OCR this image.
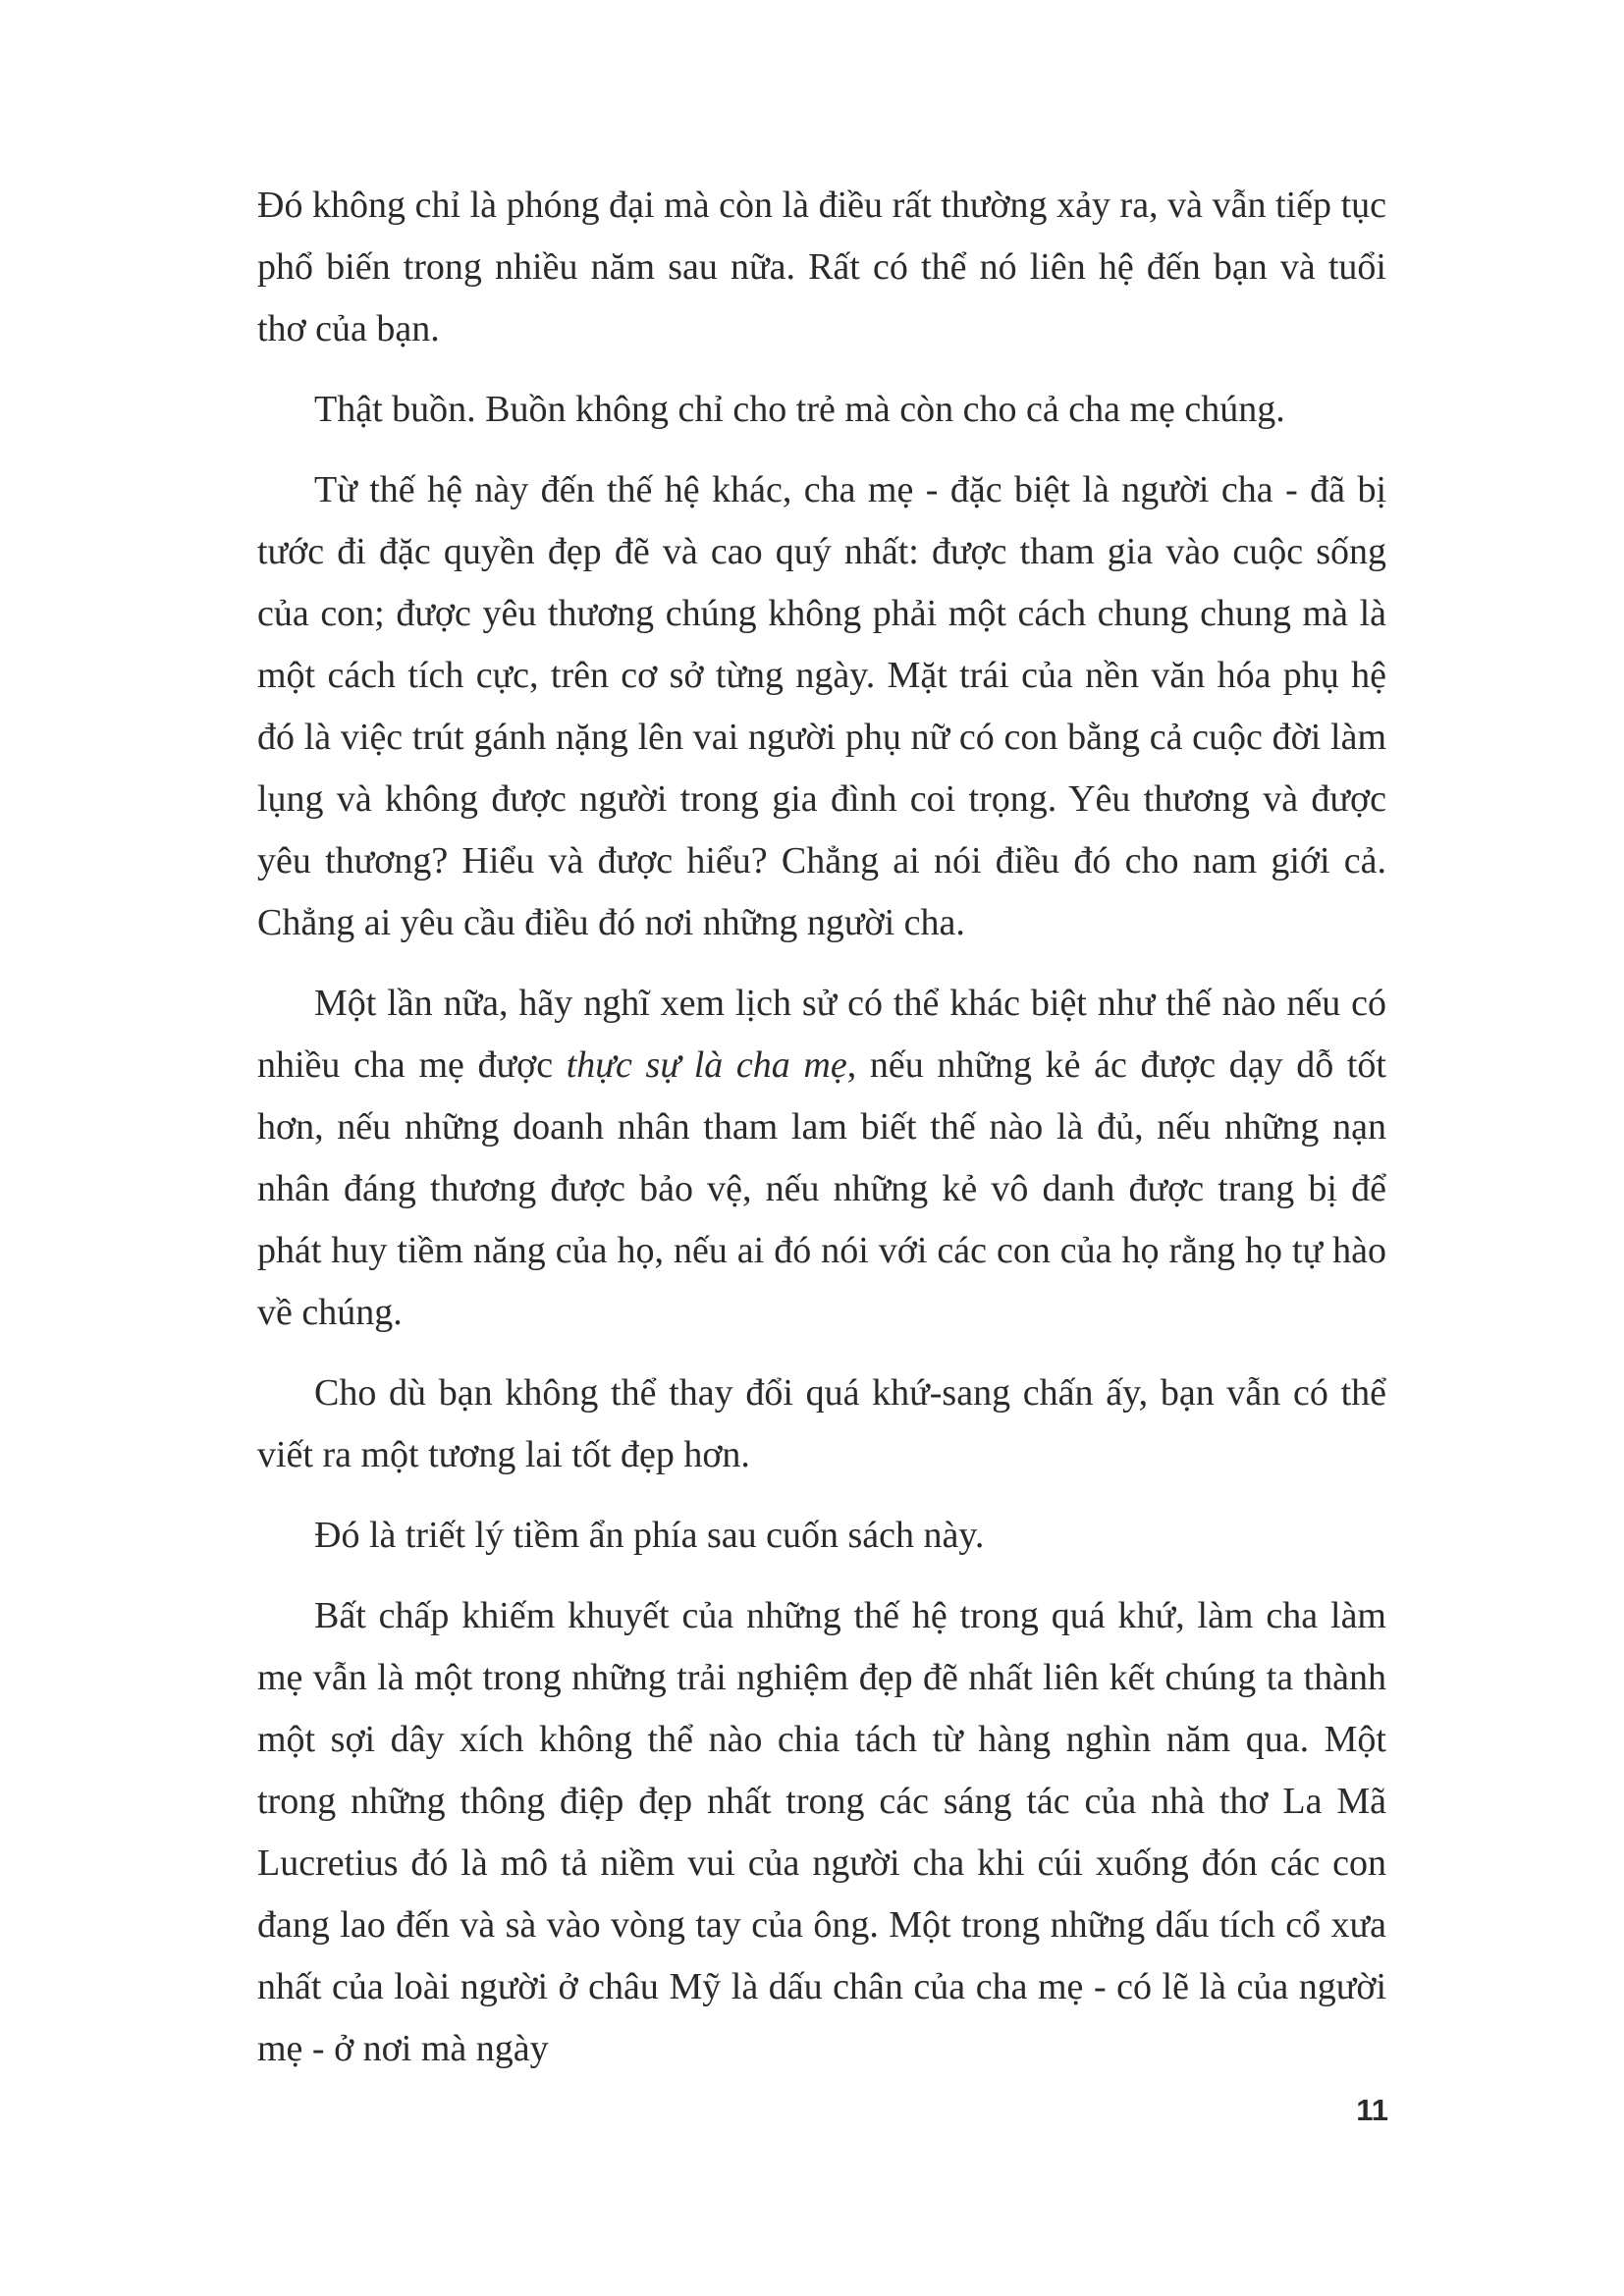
Đó không chỉ là phóng đại mà còn là điều rất thường xảy ra, và vẫn tiếp tục phổ biến trong nhiều năm sau nữa. Rất có thể nó liên hệ đến bạn và tuổi thơ của bạn.

Thật buồn. Buồn không chỉ cho trẻ mà còn cho cả cha mẹ chúng.

Từ thế hệ này đến thế hệ khác, cha mẹ - đặc biệt là người cha - đã bị tước đi đặc quyền đẹp đẽ và cao quý nhất: được tham gia vào cuộc sống của con; được yêu thương chúng không phải một cách chung chung mà là một cách tích cực, trên cơ sở từng ngày. Mặt trái của nền văn hóa phụ hệ đó là việc trút gánh nặng lên vai người phụ nữ có con bằng cả cuộc đời làm lụng và không được người trong gia đình coi trọng. Yêu thương và được yêu thương? Hiểu và được hiểu? Chẳng ai nói điều đó cho nam giới cả. Chẳng ai yêu cầu điều đó nơi những người cha.

Một lần nữa, hãy nghĩ xem lịch sử có thể khác biệt như thế nào nếu có nhiều cha mẹ được thực sự là cha mẹ, nếu những kẻ ác được dạy dỗ tốt hơn, nếu những doanh nhân tham lam biết thế nào là đủ, nếu những nạn nhân đáng thương được bảo vệ, nếu những kẻ vô danh được trang bị để phát huy tiềm năng của họ, nếu ai đó nói với các con của họ rằng họ tự hào về chúng.

Cho dù bạn không thể thay đổi quá khứ-sang chấn ấy, bạn vẫn có thể viết ra một tương lai tốt đẹp hơn.

Đó là triết lý tiềm ẩn phía sau cuốn sách này.

Bất chấp khiếm khuyết của những thế hệ trong quá khứ, làm cha làm mẹ vẫn là một trong những trải nghiệm đẹp đẽ nhất liên kết chúng ta thành một sợi dây xích không thể nào chia tách từ hàng nghìn năm qua. Một trong những thông điệp đẹp nhất trong các sáng tác của nhà thơ La Mã Lucretius đó là mô tả niềm vui của người cha khi cúi xuống đón các con đang lao đến và sà vào vòng tay của ông. Một trong những dấu tích cổ xưa nhất của loài người ở châu Mỹ là dấu chân của cha mẹ - có lẽ là của người mẹ - ở nơi mà ngày

11
